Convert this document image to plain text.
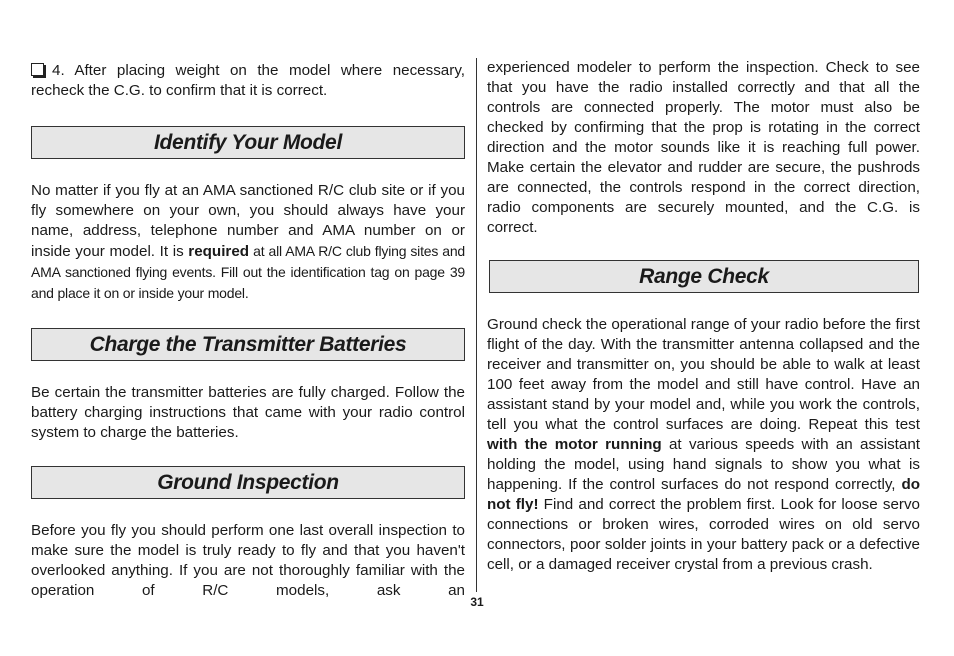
4. After placing weight on the model where necessary, recheck the C.G. to confirm that it is correct.

Identify Your Model

No matter if you fly at an AMA sanctioned R/C club site or if you fly somewhere on your own, you should always have your name, address, telephone number and AMA number on or inside your model. It is required at all AMA R/C club flying sites and AMA sanctioned flying events. Fill out the identification tag on page 39 and place it on or inside your model.

Charge the Transmitter Batteries

Be certain the transmitter batteries are fully charged. Follow the battery charging instructions that came with your radio control system to charge the batteries.

Ground Inspection

Before you fly you should perform one last overall inspection to make sure the model is truly ready to fly and that you haven't overlooked anything. If you are not thoroughly familiar with the operation of R/C models, ask an

experienced modeler to perform the inspection. Check to see that you have the radio installed correctly and that all the controls are connected properly. The motor must also be checked by confirming that the prop is rotating in the correct direction and the motor sounds like it is reaching full power. Make certain the elevator and rudder are secure, the pushrods are connected, the controls respond in the correct direction, radio components are securely mounted, and the C.G. is correct.

Range Check

Ground check the operational range of your radio before the first flight of the day. With the transmitter antenna collapsed and the receiver and transmitter on, you should be able to walk at least 100 feet away from the model and still have control. Have an assistant stand by your model and, while you work the controls, tell you what the control surfaces are doing. Repeat this test with the motor running at various speeds with an assistant holding the model, using hand signals to show you what is happening. If the control surfaces do not respond correctly, do not fly! Find and correct the problem first. Look for loose servo connections or broken wires, corroded wires on old servo connectors, poor solder joints in your battery pack or a defective cell, or a damaged receiver crystal from a previous crash.

31
